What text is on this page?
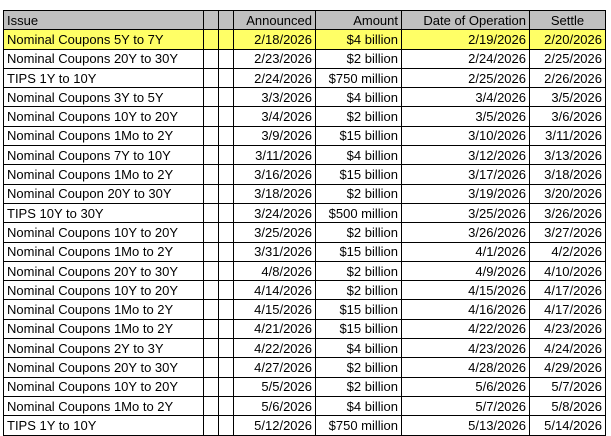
Issue			Announced	Amount	Date of Operation	Settle
Nominal Coupons 5Y to 7Y			2/18/2026	$4 billion	2/19/2026	2/20/2026
Nominal Coupons 20Y to 30Y			2/23/2026	$2 billion	2/24/2026	2/25/2026
TIPS 1Y to 10Y			2/24/2026	$750 million	2/25/2026	2/26/2026
Nominal Coupons 3Y to 5Y			3/3/2026	$4 billion	3/4/2026	3/5/2026
Nominal Coupons 10Y to 20Y			3/4/2026	$2 billion	3/5/2026	3/6/2026
Nominal Coupons 1Mo to 2Y			3/9/2026	$15 billion	3/10/2026	3/11/2026
Nominal Coupons 7Y to 10Y			3/11/2026	$4 billion	3/12/2026	3/13/2026
Nominal Coupons 1Mo to 2Y			3/16/2026	$15 billion	3/17/2026	3/18/2026
Nominal Coupon 20Y to 30Y			3/18/2026	$2 billion	3/19/2026	3/20/2026
TIPS 10Y to 30Y			3/24/2026	$500 million	3/25/2026	3/26/2026
Nominal Coupons 10Y to 20Y			3/25/2026	$2 billion	3/26/2026	3/27/2026
Nominal Coupons 1Mo to 2Y			3/31/2026	$15 billion	4/1/2026	4/2/2026
Nominal Coupons 20Y to 30Y			4/8/2026	$2 billion	4/9/2026	4/10/2026
Nominal Coupons 10Y to 20Y			4/14/2026	$2 billion	4/15/2026	4/17/2026
Nominal Coupons 1Mo to 2Y			4/15/2026	$15 billion	4/16/2026	4/17/2026
Nominal Coupons 1Mo to 2Y			4/21/2026	$15 billion	4/22/2026	4/23/2026
Nominal Coupons 2Y to 3Y			4/22/2026	$4 billion	4/23/2026	4/24/2026
Nominal Coupons 20Y to 30Y			4/27/2026	$2 billion	4/28/2026	4/29/2026
Nominal Coupons 10Y to 20Y			5/5/2026	$2 billion	5/6/2026	5/7/2026
Nominal Coupons 1Mo to 2Y			5/6/2026	$4 billion	5/7/2026	5/8/2026
TIPS 1Y to 10Y			5/12/2026	$750 million	5/13/2026	5/14/2026
